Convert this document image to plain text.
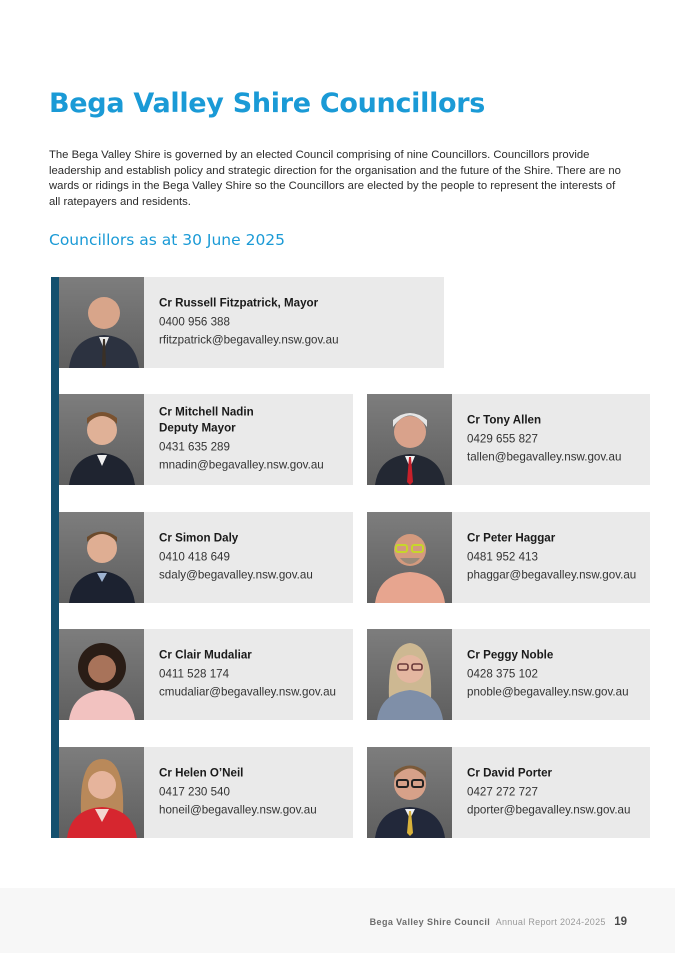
Bega Valley Shire Councillors

The Bega Valley Shire is governed by an elected Council comprising of nine Councillors. Councillors provide leadership and establish policy and strategic direction for the organisation and the future of the Shire. There are no wards or ridings in the Bega Valley Shire so the Councillors are elected by the people to represent the interests of all ratepayers and residents.

Councillors as at 30 June 2025
Cr Russell Fitzpatrick, Mayor
0400 956 388
rfitzpatrick@begavalley.nsw.gov.au
Cr Mitchell Nadin
Deputy Mayor
0431 635 289
mnadin@begavalley.nsw.gov.au
Cr Tony Allen
0429 655 827
tallen@begavalley.nsw.gov.au
Cr Simon Daly
0410 418 649
sdaly@begavalley.nsw.gov.au
Cr Peter Haggar
0481 952 413
phaggar@begavalley.nsw.gov.au
Cr Clair Mudaliar
0411 528 174
cmudaliar@begavalley.nsw.gov.au
Cr Peggy Noble
0428 375 102
pnoble@begavalley.nsw.gov.au
Cr Helen O’Neil
0417 230 540
honeil@begavalley.nsw.gov.au
Cr David Porter
0427 272 727
dporter@begavalley.nsw.gov.au
Bega Valley Shire Council Annual Report 2024-2025 19
